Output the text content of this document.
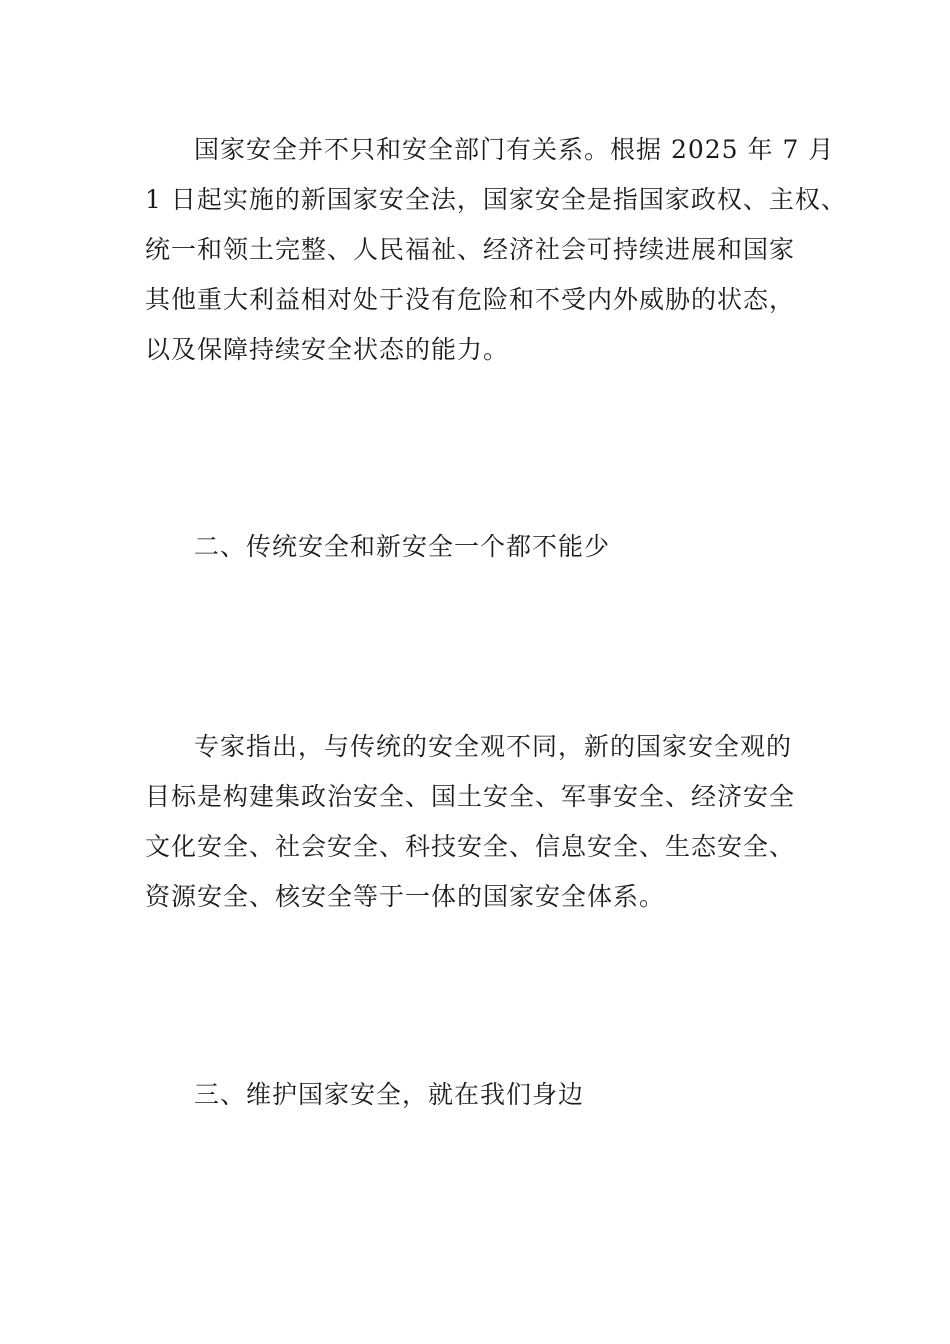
国家安全并不只和安全部门有关系。根据 2025 年 7 月
1 日起实施的新国家安全法，国家安全是指国家政权、主权、
统一和领土完整、人民福祉、经济社会可持续进展和国家
其他重大利益相对处于没有危险和不受内外威胁的状态，
以及保障持续安全状态的能力。
二、传统安全和新安全一个都不能少
专家指出，与传统的安全观不同，新的国家安全观的
目标是构建集政治安全、国土安全、军事安全、经济安全
文化安全、社会安全、科技安全、信息安全、生态安全、
资源安全、核安全等于一体的国家安全体系。
三、维护国家安全，就在我们身边
